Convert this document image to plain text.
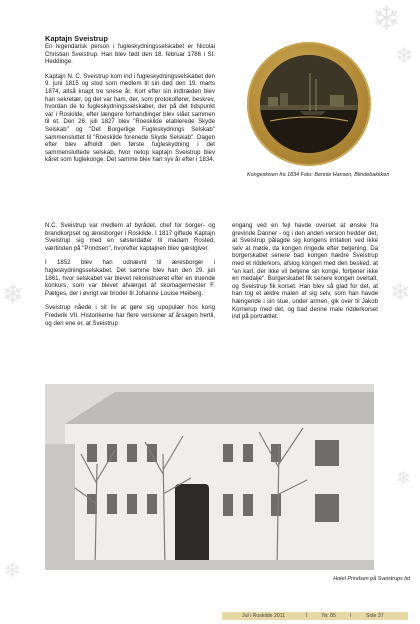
❄
❄
❄	❄
❄
❄
Kaptajn Sveistrup

En legendarisk person i fugleskydningsselskabet er Nicolai Christian Sveistrup. Han blev født den 18. februar 1786 i St. Heddinge.

Kaptajn N. C. Sveistrup kom ind i fugleskydningsselskabet den 9. juni 1815 og stod som medlem til sin død den 19. marts 1874, altså knapt tre snese år. Kort efter sin indtræden blev han sekretær, og det var ham, der, som protokolfører, beskrev, hvordan de to fugleskydningsselskaber, der på det tidspunkt var i Roskilde, efter længere forhandlinger blev slået sammen til et. Den 26. juli 1827 blev "Roeskilde etablerede Skyde Selskab" og "Det Borgerlige Fugleskydnings Selskab" sammensluttet til "Roeskilde forenede Skyde Selskab". Dagen efter blev afholdt den første fugleskydning i det sammensluttede selskab, hvor netop kaptajn Sveistrup blev kåret som fuglekonge. Det samme blev han syv år efter i 1834.

N.C. Sveistrup var medlem af byrådet, chef for borger- og brandkorpset og æresborger i Roskilde. I 1817 giftede Kaptajn Sveistrup sig med en søsterdatter til madam Rosted, værtinden på "Prindsen", hvorefter kaptajnen blev gæstgiver.

I 1852 blev han udnævnt til æresborger i fugleskydningsselskabet. Det samme blev han den 29. juli 1861, hvor selskabet var blevet rekonstrueret efter en truende konkurs, som var blevet afværget af skomagermester F. Pætges, der i øvrigt var broder til Johanne Louise Heiberg.

Sveistrup nåede i sit liv at gøre sig upopulær hos kong Frederik VII. Historikerne har flere versioner af årsagen hertil, og den ene er, at Sveistrup

Kongeskiven fra 1834 Foto: Bennie Hansen, Blindebakkken

engang ved en fejl havde overset at ønske fra grevinde Danner - og i den anden version hedder det, at Sveistrup pålagde sig kongens irritation ved ikke selv at møde, da kongen ringede efter betjening. Da borgerskabet senere bad kongen hædre Sveistrup med et ridderkors, afslog kongen med den besked, at "en karl, der ikke vil betjene sin konge, fortjener ikke en medalje". Borgerskabet fik senere kongen overtalt, og Sveistrup fik korset. Han blev så glad for det, at han tog et ældre maleri af sig selv, som han havde hængende i sin stue, under armen, gik over til Jakob Kornerup med det, og bad denne male ridderkorset ind på portrættet.

Hotel Prindsen på Sveistrups tid
Jul i Roskilde 2011	I	Nr. 85	I	Side 37
